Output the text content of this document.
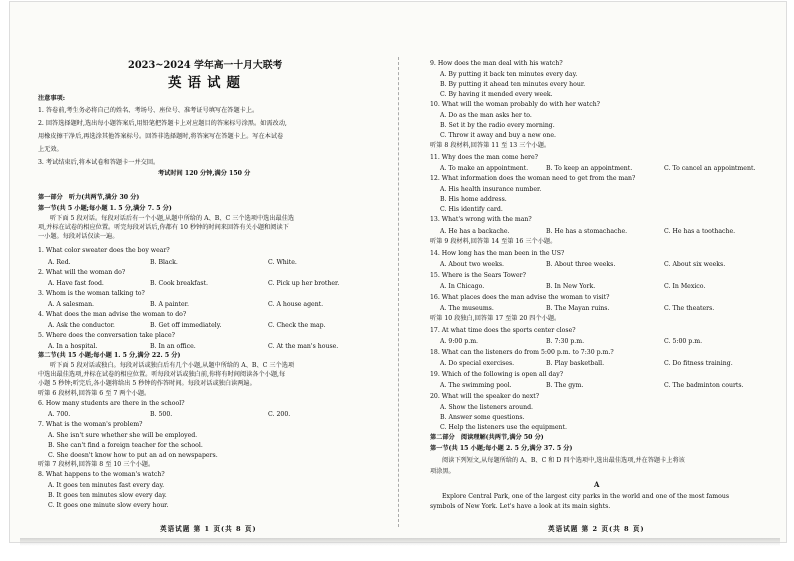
2023~2024 学年高一十月大联考
英语试题
注意事项:
1. 答卷前,考生务必将自己的姓名、考场号、座位号、准考证号填写在答题卡上。
2. 回答选择题时,选出每小题答案后,用铅笔把答题卡上对应题目的答案标号涂黑。如需改动,
用橡皮擦干净后,再选涂其他答案标号。回答非选择题时,将答案写在答题卡上。写在本试卷
上无效。
3. 考试结束后,将本试卷和答题卡一并交回。
考试时间 120 分钟,满分 150 分
第一部分　听力(共两节,满分 30 分)
第一节(共 5 小题;每小题 1. 5 分,满分 7. 5 分)
听下面 5 段对话。每段对话后有一个小题,从题中所给的 A、B、C 三个选项中选出最佳选
项,并标在试卷的相应位置。听完每段对话后,你都有 10 秒钟的时间来回答有关小题和阅读下
一小题。每段对话仅读一遍。
1. What color sweater does the boy wear?
A. Red.	B. Black.	C. White.
2. What will the woman do?
A. Have fast food.	B. Cook breakfast.	C. Pick up her brother.
3. Whom is the woman talking to?
A. A salesman.	B. A painter.	C. A house agent.
4. What does the man advise the woman to do?
A. Ask the conductor.	B. Get off immediately.	C. Check the map.
5. Where does the conversation take place?
A. In a hospital.	B. In an office.	C. At the man's house.
第二节(共 15 小题;每小题 1. 5 分,满分 22. 5 分)
听下面 5 段对话或独白。每段对话或独白后有几个小题,从题中所给的 A、B、C 三个选项
中选出最佳选项,并标在试卷的相应位置。听每段对话或独白前,你将有时间阅读各个小题,每
小题 5 秒钟;听完后,各小题将给出 5 秒钟的作答时间。每段对话或独白读两遍。
听第 6 段材料,回答第 6 至 7 两个小题。
6. How many students are there in the school?
A. 700.	B. 500.	C. 200.
7. What is the woman's problem?
A. She isn't sure whether she will be employed.
B. She can't find a foreign teacher for the school.
C. She doesn't know how to put an ad on newspapers.
听第 7 段材料,回答第 8 至 10 三个小题。
8. What happens to the woman's watch?
A. It goes ten minutes fast every day.
B. It goes ten minutes slow every day.
C. It goes one minute slow every hour.
英语试题 第 1 页(共 8 页)
9. How does the man deal with his watch?
A. By putting it back ten minutes every day.
B. By putting it ahead ten minutes every hour.
C. By having it mended every week.
10. What will the woman probably do with her watch?
A. Do as the man asks her to.
B. Set it by the radio every morning.
C. Throw it away and buy a new one.
听第 8 段材料,回答第 11 至 13 三个小题。
11. Why does the man come here?
A. To make an appointment.	B. To keep an appointment.	C. To cancel an appointment.
12. What information does the woman need to get from the man?
A. His health insurance number.
B. His home address.
C. His identify card.
13. What's wrong with the man?
A. He has a backache.	B. He has a stomachache.	C. He has a toothache.
听第 9 段材料,回答第 14 至第 16 三个小题。
14. How long has the man been in the US?
A. About two weeks.	B. About three weeks.	C. About six weeks.
15. Where is the Sears Tower?
A. In Chicago.	B. In New York.	C. In Mexico.
16. What places does the man advise the woman to visit?
A. The museums.	B. The Mayan ruins.	C. The theaters.
听第 10 段独白,回答第 17 至第 20 四个小题。
17. At what time does the sports center close?
A. 9:00 p.m.	B. 7:30 p.m.	C. 5:00 p.m.
18. What can the listeners do from 5:00 p.m. to 7:30 p.m.?
A. Do special exercises.	B. Play basketball.	C. Do fitness training.
19. Which of the following is open all day?
A. The swimming pool.	B. The gym.	C. The badminton courts.
20. What will the speaker do next?
A. Show the listeners around.
B. Answer some questions.
C. Help the listeners use the equipment.
第二部分　阅读理解(共两节,满分 50 分)
第一节(共 15 小题;每小题 2. 5 分,满分 37. 5 分)
阅读下列短文,从每题所给的 A、B、C 和 D 四个选项中,选出最佳选项,并在答题卡上将该
项涂黑。
A
Explore Central Park, one of the largest city parks in the world and one of the most famous
symbols of New York. Let's have a look at its main sights.
英语试题 第 2 页(共 8 页)
